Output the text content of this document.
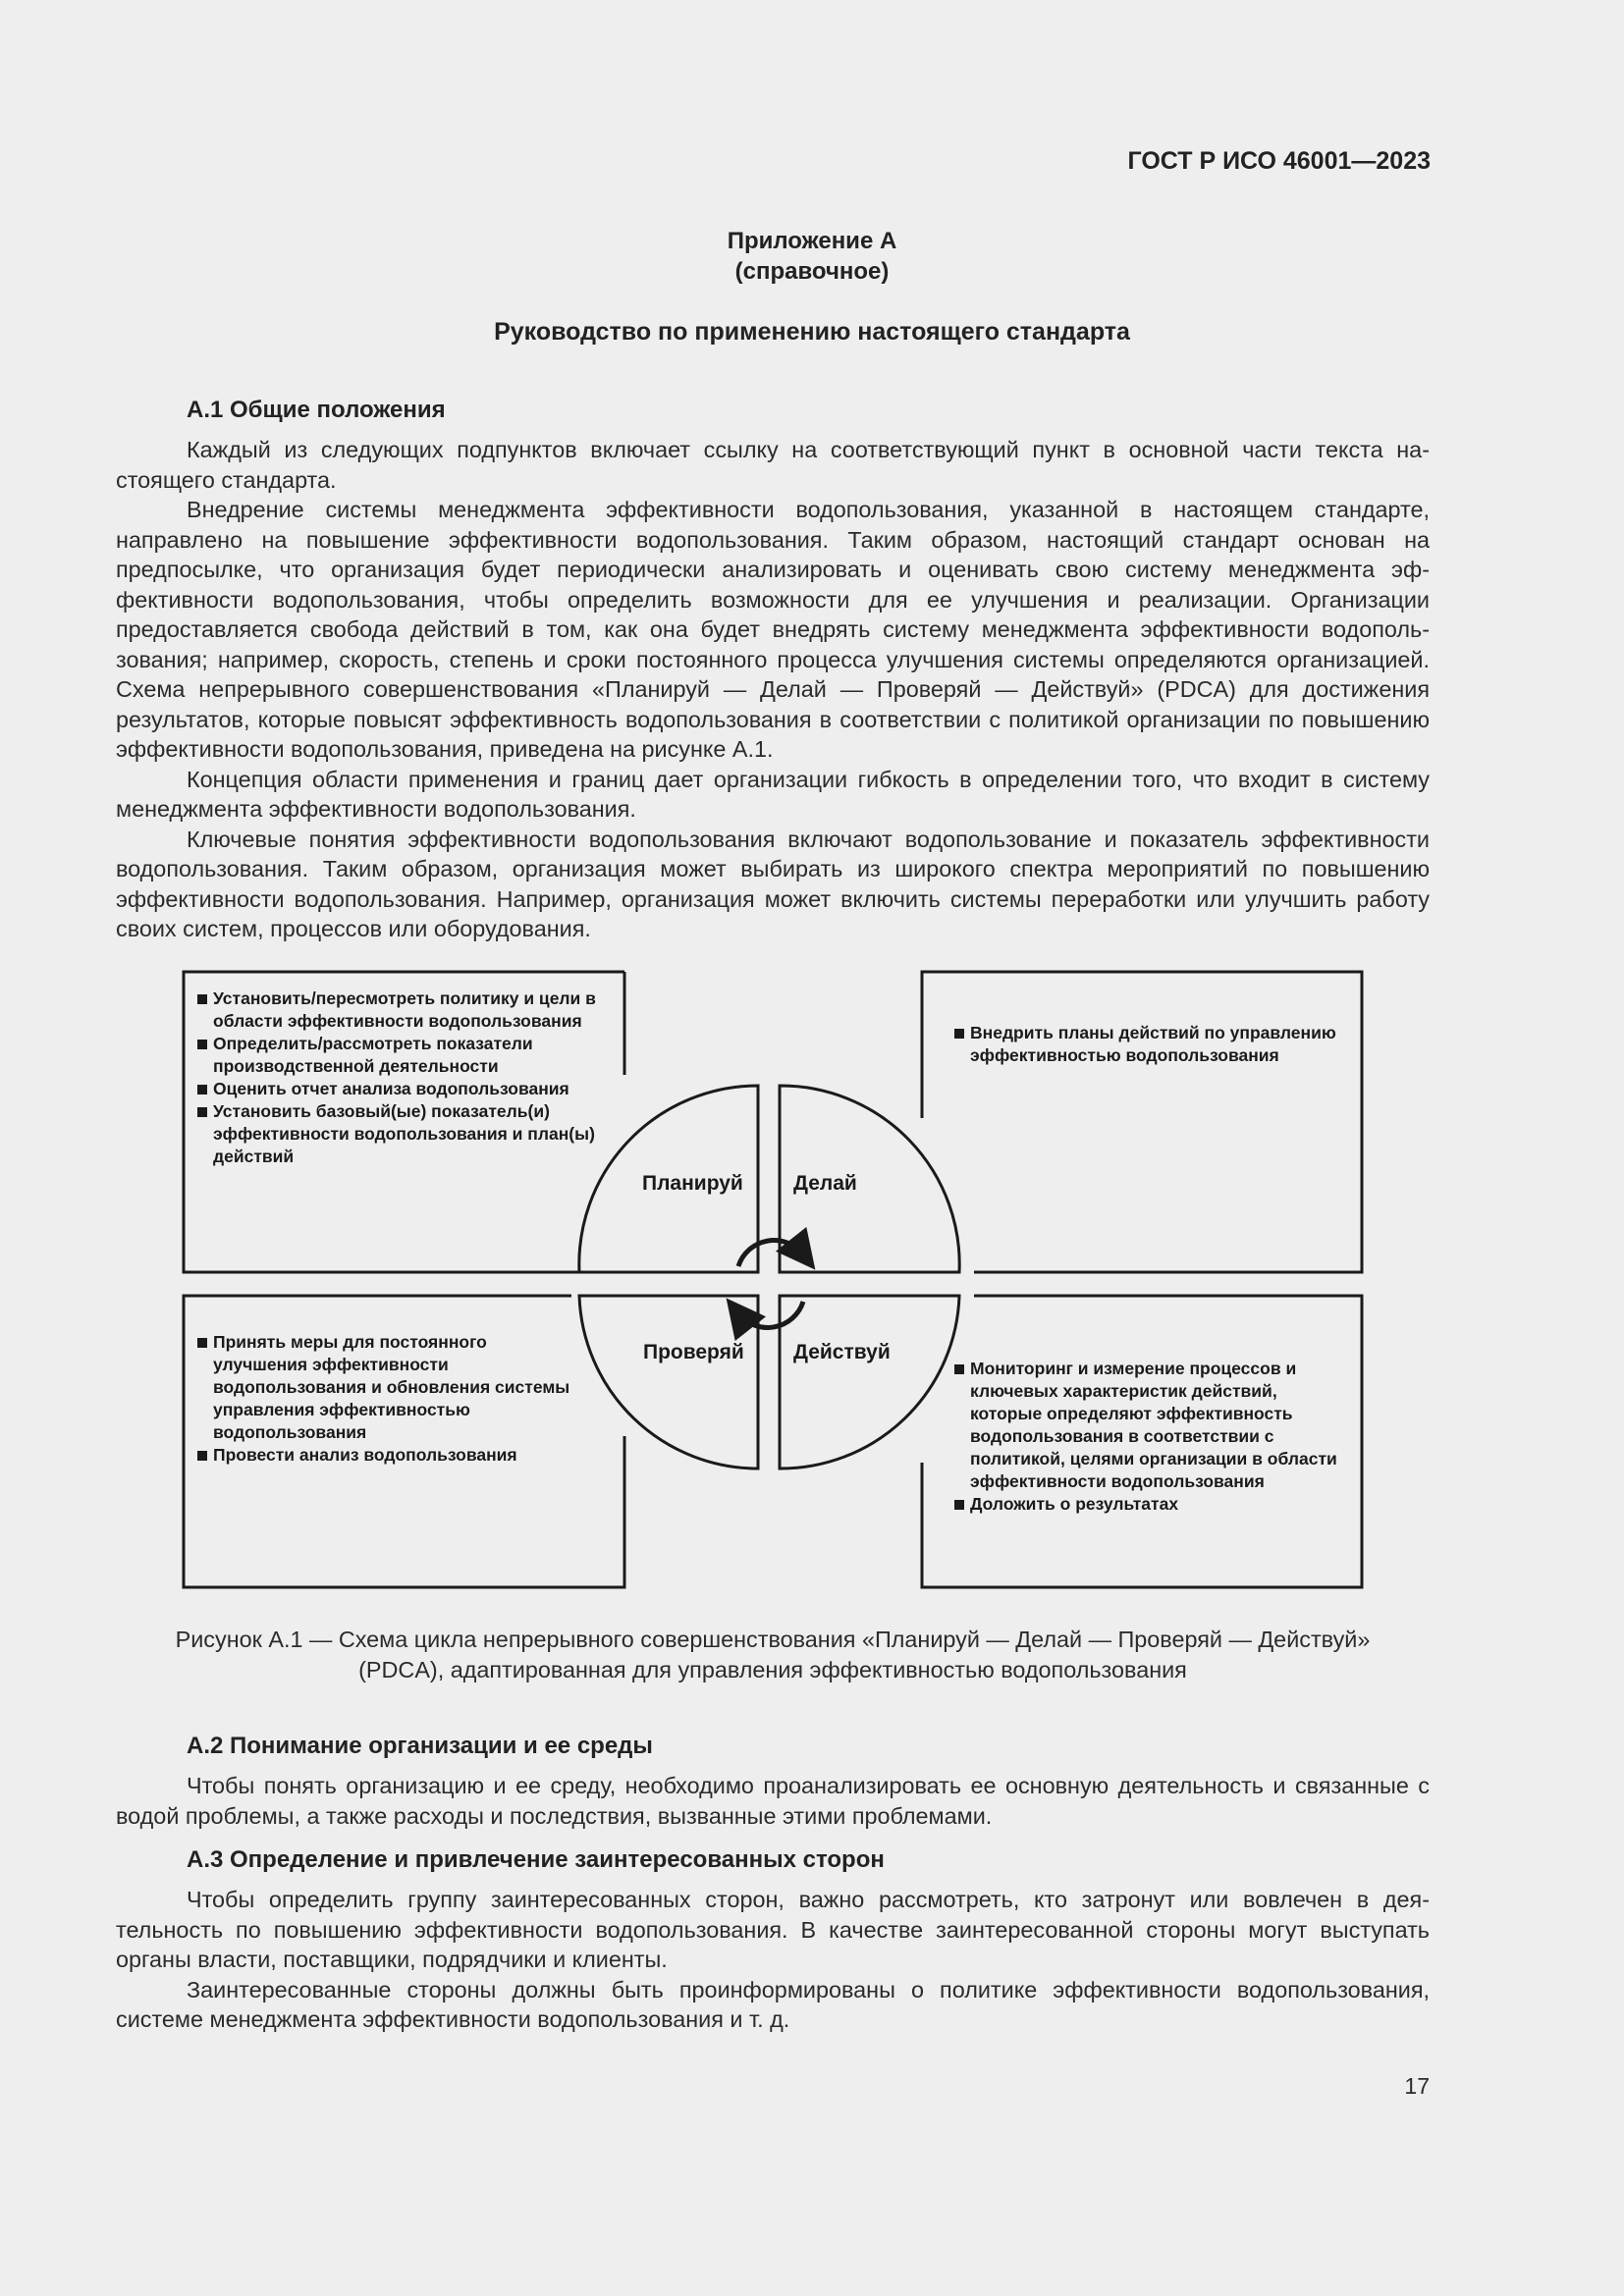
ГОСТ Р ИСО 46001—2023
Приложение А
(справочное)
Руководство по применению настоящего стандарта
А.1 Общие положения

Каждый из следующих подпунктов включает ссылку на соответствующий пункт в основной части текста настоящего стандарта.

Внедрение системы менеджмента эффективности водопользования, указанной в настоящем стандарте, направлено на повышение эффективности водопользования. Таким образом, настоящий стандарт основан на предпосылке, что организация будет периодически анализировать и оценивать свою систему менеджмента эффективности водопользования, чтобы определить возможности для ее улучшения и реализации. Организации предоставляется свобода действий в том, как она будет внедрять систему менеджмента эффективности водопользования; например, скорость, степень и сроки постоянного процесса улучшения системы определяются организацией. Схема непрерывного совершенствования «Планируй — Делай — Проверяй — Действуй» (PDCA) для достижения результатов, которые повысят эффективность водопользования в соответствии с политикой организации по повышению эффективности водопользования, приведена на рисунке А.1.

Концепция области применения и границ дает организации гибкость в определении того, что входит в систему менеджмента эффективности водопользования.

Ключевые понятия эффективности водопользования включают водопользование и показатель эффективности водопользования. Таким образом, организация может выбирать из широкого спектра мероприятий по повышению эффективности водопользования. Например, организация может включить системы переработки или улучшить работу своих систем, процессов или оборудования.

Установить/пересмотреть политику и цели в области эффективности водопользования
Определить/рассмотреть показатели производственной деятельности
Оценить отчет анализа водопользования
Установить базовый(ые) показатель(и) эффективности водопользования и план(ы) действий
Внедрить планы действий по управлению эффективностью водопользования
Принять меры для постоянного улучшения эффективности водопользования и обновления системы управления эффективностью водопользования
Провести анализ водопользования
Мониторинг и измерение процессов и ключевых характеристик действий, которые определяют эффективность водопользования в соответствии с политикой, целями организации в области эффективности водопользования
Доложить о результатах
Планируй Делай
Проверяй Действуй
Рисунок А.1 — Схема цикла непрерывного совершенствования «Планируй — Делай — Проверяй — Действуй»
(PDCA), адаптированная для управления эффективностью водопользования
А.2 Понимание организации и ее среды

Чтобы понять организацию и ее среду, необходимо проанализировать ее основную деятельность и связанные с водой проблемы, а также расходы и последствия, вызванные этими проблемами.

А.3 Определение и привлечение заинтересованных сторон

Чтобы определить группу заинтересованных сторон, важно рассмотреть, кто затронут или вовлечен в деятельность по повышению эффективности водопользования. В качестве заинтересованной стороны могут выступать органы власти, поставщики, подрядчики и клиенты.

Заинтересованные стороны должны быть проинформированы о политике эффективности водопользования, системе менеджмента эффективности водопользования и т. д.

17
